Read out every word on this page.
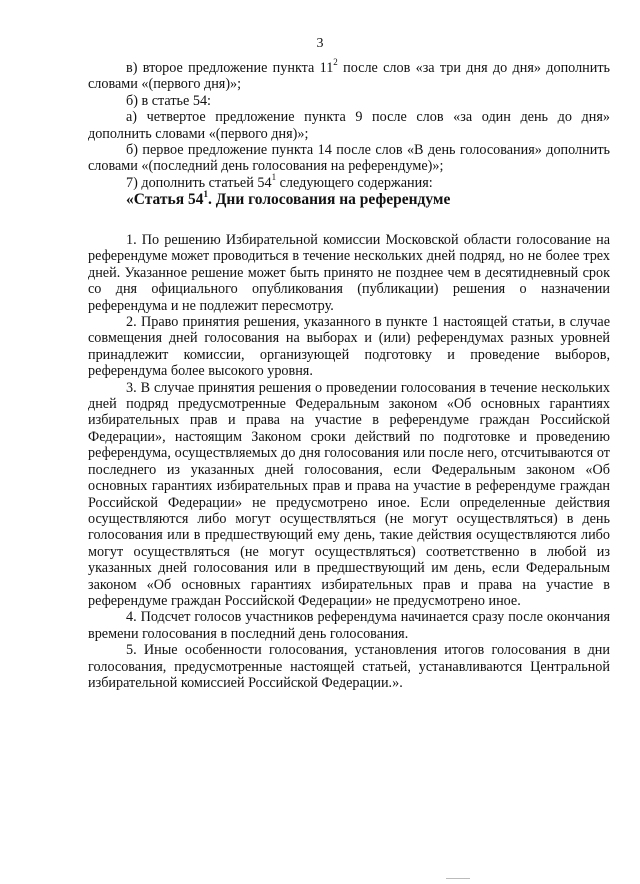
3

в) второе предложение пункта $11^2$ после слов «за три дня до дня» дополнить словами «(первого дня)»;

б) в статье 54:

а) четвертое предложение пункта 9 после слов «за один день до дня» дополнить словами «(первого дня)»;

б) первое предложение пункта 14 после слов «В день голосования» дополнить словами «(последний день голосования на референдуме)»;

7) дополнить статьей $54^1$ следующего содержания:

«Статья $54^1$. Дни голосования на референдуме

1. По решению Избирательной комиссии Московской области голосование на референдуме может проводиться в течение нескольких дней подряд, но не более трех дней. Указанное решение может быть принято не позднее чем в десятидневный срок со дня официального опубликования (публикации) решения о назначении референдума и не подлежит пересмотру.

2. Право принятия решения, указанного в пункте 1 настоящей статьи, в случае совмещения дней голосования на выборах и (или) референдумах разных уровней принадлежит комиссии, организующей подготовку и проведение выборов, референдума более высокого уровня.

3. В случае принятия решения о проведении голосования в течение нескольких дней подряд предусмотренные Федеральным законом «Об основных гарантиях избирательных прав и права на участие в референдуме граждан Российской Федерации», настоящим Законом сроки действий по подготовке и проведению референдума, осуществляемых до дня голосования или после него, отсчитываются от последнего из указанных дней голосования, если Федеральным законом «Об основных гарантиях избирательных прав и права на участие в референдуме граждан Российской Федерации» не предусмотрено иное. Если определенные действия осуществляются либо могут осуществляться (не могут осуществляться) в день голосования или в предшествующий ему день, такие действия осуществляются либо могут осуществляться (не могут осуществляться) соответственно в любой из указанных дней голосования или в предшествующий им день, если Федеральным законом «Об основных гарантиях избирательных прав и права на участие в референдуме граждан Российской Федерации» не предусмотрено иное.

4. Подсчет голосов участников референдума начинается сразу после окончания времени голосования в последний день голосования.

5. Иные особенности голосования, установления итогов голосования в дни голосования, предусмотренные настоящей статьей, устанавливаются Центральной избирательной комиссией Российской Федерации.».
